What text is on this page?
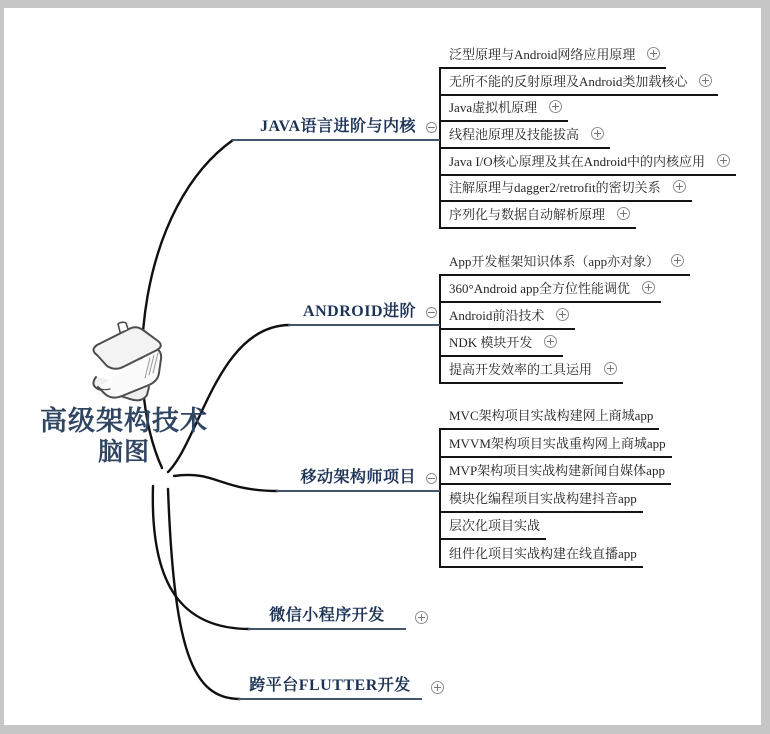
高级架构技术
脑图
JAVA语言进阶与内核
ANDROID进阶
移动架构师项目
微信小程序开发
跨平台FLUTTER开发
泛型原理与Android网络应用原理
无所不能的反射原理及Android类加载核心
Java虚拟机原理
线程池原理及技能拔高
Java I/O核心原理及其在Android中的内核应用
注解原理与dagger2/retrofit的密切关系
序列化与数据自动解析原理
App开发框架知识体系（app亦对象）
360°Android app全方位性能调优
Android前沿技术
NDK 模块开发
提高开发效率的工具运用
MVC架构项目实战构建网上商城app
MVVM架构项目实战重构网上商城app
MVP架构项目实战构建新闻自媒体app
模块化编程项目实战构建抖音app
层次化项目实战
组件化项目实战构建在线直播app
